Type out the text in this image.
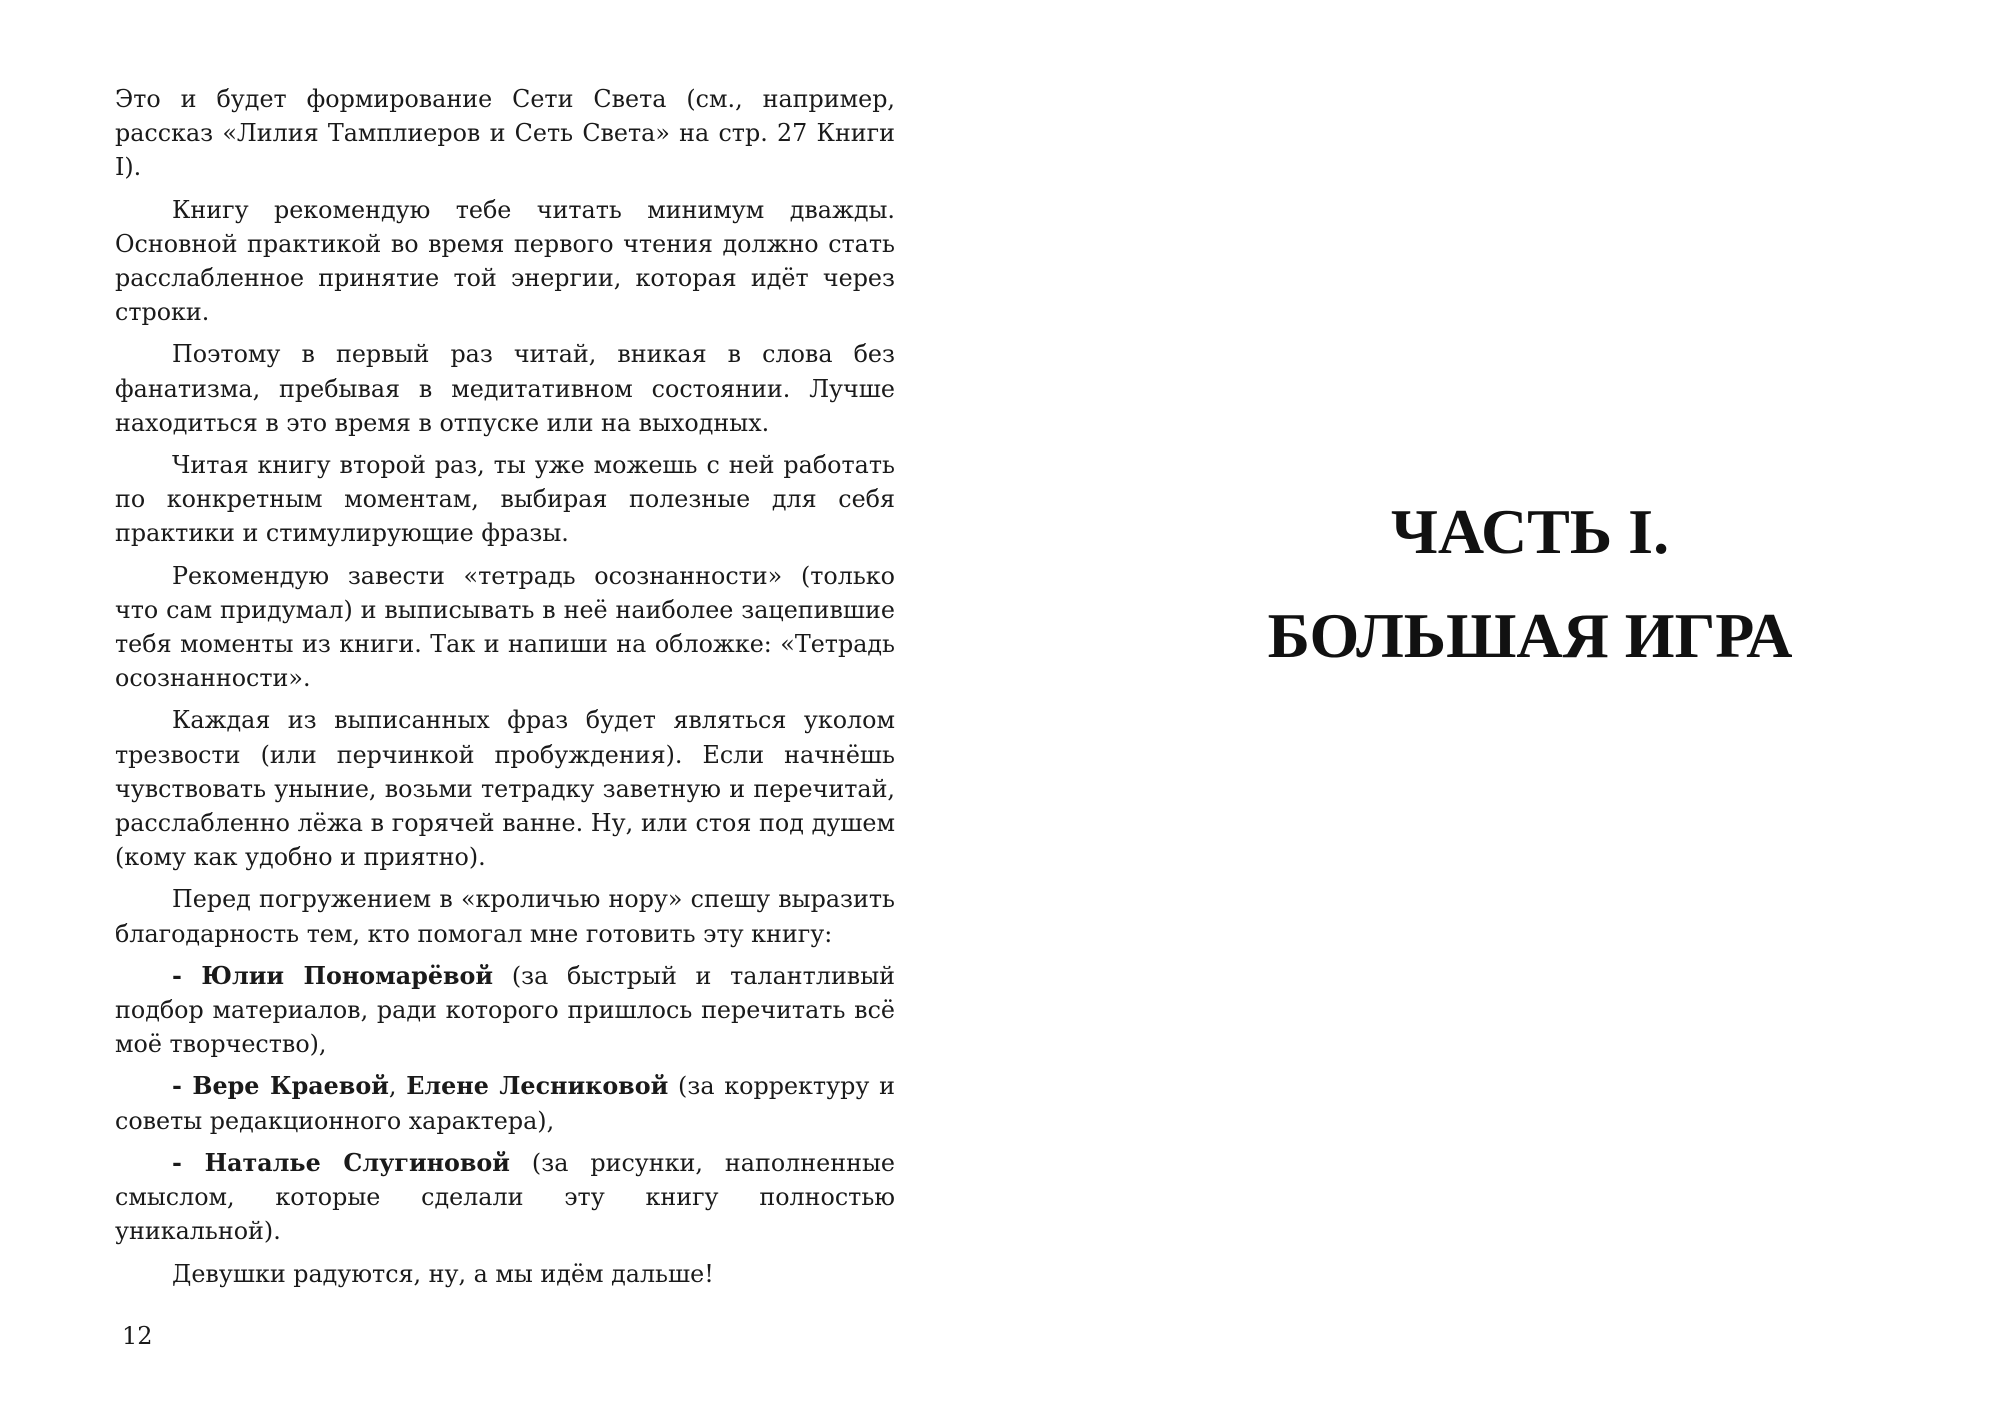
Это и будет формирование Сети Света (см., например, рассказ «Лилия Тамплиеров и Сеть Света» на стр. 27 Книги I).

Книгу рекомендую тебе читать минимум дважды. Основной практикой во время первого чтения должно стать расслабленное принятие той энергии, которая идёт через строки.

Поэтому в первый раз читай, вникая в слова без фанатизма, пребывая в медитативном состоянии. Лучше находиться в это время в отпуске или на выходных.

Читая книгу второй раз, ты уже можешь с ней работать по конкретным моментам, выбирая полезные для себя практики и стимулирующие фразы.

Рекомендую завести «тетрадь осознанности» (только что сам придумал) и выписывать в неё наиболее зацепившие тебя моменты из книги. Так и напиши на обложке: «Тетрадь осознанности».

Каждая из выписанных фраз будет являться уколом трезвости (или перчинкой пробуждения). Если начнёшь чувствовать уныние, возьми тетрадку заветную и перечитай, расслабленно лёжа в горячей ванне. Ну, или стоя под душем (кому как удобно и приятно).

Перед погружением в «кроличью нору» спешу выразить благодарность тем, кто помогал мне готовить эту книгу:

- Юлии Пономарёвой (за быстрый и талантливый подбор материалов, ради которого пришлось перечитать всё моё творчество),

- Вере Краевой, Елене Лесниковой (за корректуру и советы редакционного характера),

- Наталье Слугиновой (за рисунки, наполненные смыслом, которые сделали эту книгу полностью уникальной).

Девушки радуются, ну, а мы идём дальше!

12
ЧАСТЬ I.
БОЛЬШАЯ ИГРА
